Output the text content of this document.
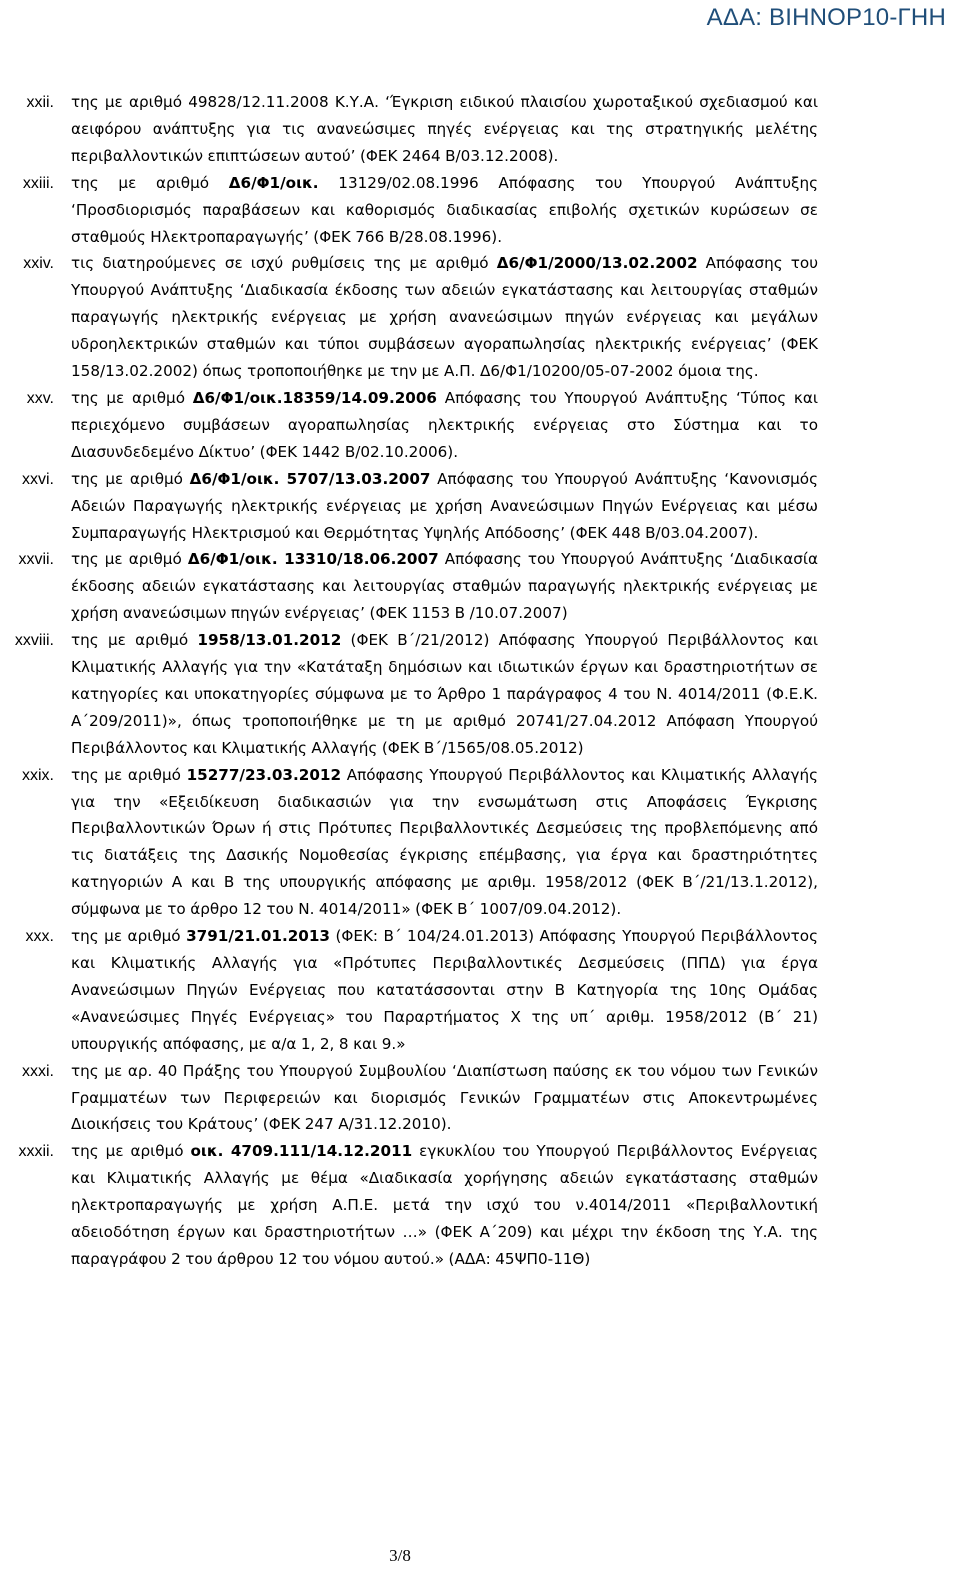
ΑΔΑ: ΒΙΗΝΟΡ10-ΓΗΗ
xxii. της με αριθμό 49828/12.11.2008 Κ.Υ.Α. ‘Έγκριση ειδικού πλαισίου χωροταξικού σχεδιασμού και αειφόρου ανάπτυξης για τις ανανεώσιμες πηγές ενέργειας και της στρατηγικής μελέτης περιβαλλοντικών επιπτώσεων αυτού’ (ΦΕΚ 2464 Β/03.12.2008).
xxiii. της με αριθμό Δ6/Φ1/οικ. 13129/02.08.1996 Απόφασης του Υπουργού Ανάπτυξης ‘Προσδιορισμός παραβάσεων και καθορισμός διαδικασίας επιβολής σχετικών κυρώσεων σε σταθμούς Ηλεκτροπαραγωγής’ (ΦΕΚ 766 Β/28.08.1996).
xxiv. τις διατηρούμενες σε ισχύ ρυθμίσεις της με αριθμό Δ6/Φ1/2000/13.02.2002 Απόφασης του Υπουργού Ανάπτυξης ‘Διαδικασία έκδοσης των αδειών εγκατάστασης και λειτουργίας σταθμών παραγωγής ηλεκτρικής ενέργειας με χρήση ανανεώσιμων πηγών ενέργειας και μεγάλων υδροηλεκτρικών σταθμών και τύποι συμβάσεων αγοραπωλησίας ηλεκτρικής ενέργειας’ (ΦΕΚ 158/13.02.2002) όπως τροποποιήθηκε με την με Α.Π. Δ6/Φ1/10200/05-07-2002 όμοια της.
xxv. της με αριθμό Δ6/Φ1/οικ.18359/14.09.2006 Απόφασης του Υπουργού Ανάπτυξης ‘Τύπος και περιεχόμενο συμβάσεων αγοραπωλησίας ηλεκτρικής ενέργειας στο Σύστημα και το Διασυνδεδεμένο Δίκτυο’ (ΦΕΚ 1442 Β/02.10.2006).
xxvi. της με αριθμό Δ6/Φ1/οικ. 5707/13.03.2007 Απόφασης του Υπουργού Ανάπτυξης ‘Κανονισμός Αδειών Παραγωγής ηλεκτρικής ενέργειας με χρήση Ανανεώσιμων Πηγών Ενέργειας και μέσω Συμπαραγωγής Ηλεκτρισμού και Θερμότητας Υψηλής Απόδοσης’ (ΦΕΚ 448 Β/03.04.2007).
xxvii. της με αριθμό Δ6/Φ1/οικ. 13310/18.06.2007 Απόφασης του Υπουργού Ανάπτυξης ‘Διαδικασία έκδοσης αδειών εγκατάστασης και λειτουργίας σταθμών παραγωγής ηλεκτρικής ενέργειας με χρήση ανανεώσιμων πηγών ενέργειας’ (ΦΕΚ 1153 Β /10.07.2007)
xxviii. της με αριθμό 1958/13.01.2012 (ΦΕΚ Β΄/21/2012) Απόφασης Υπουργού Περιβάλλοντος και Κλιματικής Αλλαγής για την «Κατάταξη δημόσιων και ιδιωτικών έργων και δραστηριοτήτων σε κατηγορίες και υποκατηγορίες σύμφωνα με το Άρθρο 1 παράγραφος 4 του Ν. 4014/2011 (Φ.Ε.Κ. Α΄209/2011)», όπως τροποποιήθηκε με τη με αριθμό 20741/27.04.2012 Απόφαση Υπουργού Περιβάλλοντος και Κλιματικής Αλλαγής (ΦΕΚ Β΄/1565/08.05.2012)
xxix. της με αριθμό 15277/23.03.2012 Απόφασης Υπουργού Περιβάλλοντος και Κλιματικής Αλλαγής για την «Εξειδίκευση διαδικασιών για την ενσωμάτωση στις Αποφάσεις Έγκρισης Περιβαλλοντικών Όρων ή στις Πρότυπες Περιβαλλοντικές Δεσμεύσεις της προβλεπόμενης από τις διατάξεις της Δασικής Νομοθεσίας έγκρισης επέμβασης, για έργα και δραστηριότητες κατηγοριών Α και Β της υπουργικής απόφασης με αριθμ. 1958/2012 (ΦΕΚ Β΄/21/13.1.2012), σύμφωνα με το άρθρο 12 του Ν. 4014/2011» (ΦΕΚ Β΄ 1007/09.04.2012).
xxx. της με αριθμό 3791/21.01.2013 (ΦΕΚ: Β΄ 104/24.01.2013) Απόφασης Υπουργού Περιβάλλοντος και Κλιματικής Αλλαγής για «Πρότυπες Περιβαλλοντικές Δεσμεύσεις (ΠΠΔ) για έργα Ανανεώσιμων Πηγών Ενέργειας που κατατάσσονται στην Β Κατηγορία της 10ης Ομάδας «Ανανεώσιμες Πηγές Ενέργειας» του Παραρτήματος Χ της υπ΄ αριθμ. 1958/2012 (Β΄ 21) υπουργικής απόφασης, με α/α 1, 2, 8 και 9.»
xxxi. της με αρ. 40 Πράξης του Υπουργού Συμβουλίου ‘Διαπίστωση παύσης εκ του νόμου των Γενικών Γραμματέων των Περιφερειών και διορισμός Γενικών Γραμματέων στις Αποκεντρωμένες Διοικήσεις του Κράτους’ (ΦΕΚ 247 Α/31.12.2010).
xxxii. της με αριθμό οικ. 4709.111/14.12.2011 εγκυκλίου του Υπουργού Περιβάλλοντος Ενέργειας και Κλιματικής Αλλαγής με θέμα «Διαδικασία χορήγησης αδειών εγκατάστασης σταθμών ηλεκτροπαραγωγής με χρήση Α.Π.Ε. μετά την ισχύ του ν.4014/2011 «Περιβαλλοντική αδειοδότηση έργων και δραστηριοτήτων …» (ΦΕΚ Α΄209) και μέχρι την έκδοση της Υ.Α. της παραγράφου 2 του άρθρου 12 του νόμου αυτού.» (ΑΔΑ: 45ΨΠ0-11Θ)
3/8
